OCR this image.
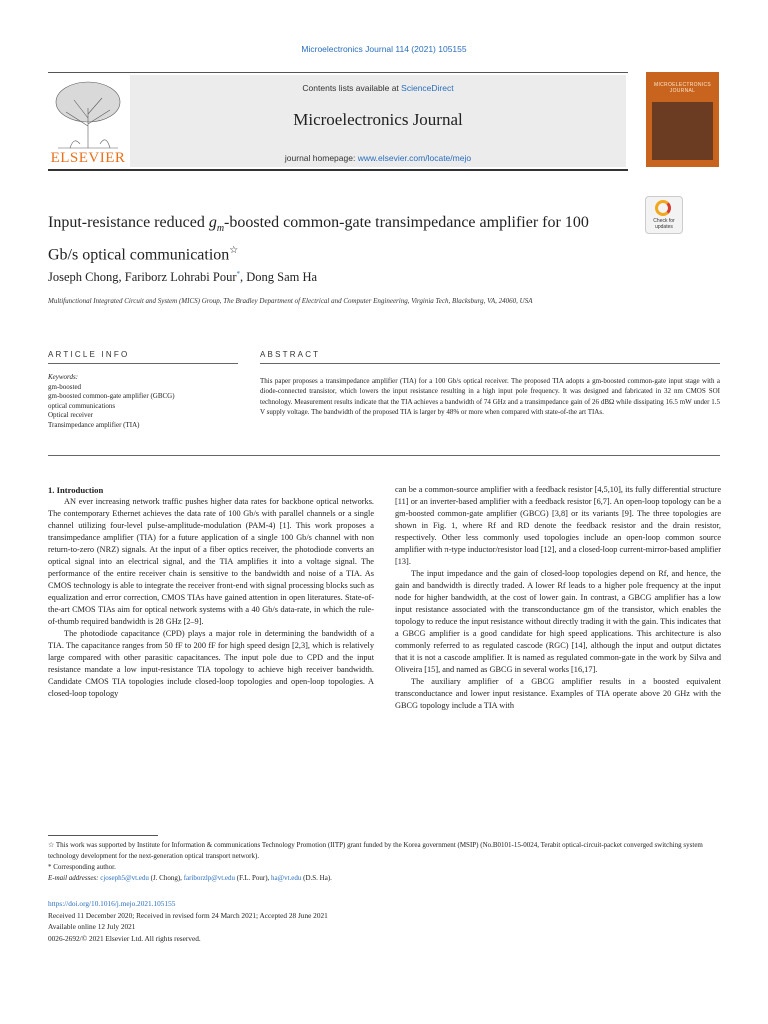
Microelectronics Journal 114 (2021) 105155
ELSEVIER
Contents lists available at ScienceDirect
Microelectronics Journal
journal homepage: www.elsevier.com/locate/mejo
MICROELECTRONICS JOURNAL
Input-resistance reduced $g_m$-boosted common-gate transimpedance amplifier for 100 Gb/s optical communication☆
Check for
updates
Joseph Chong, Fariborz Lohrabi Pour*, Dong Sam Ha
Multifunctional Integrated Circuit and System (MICS) Group, The Bradley Department of Electrical and Computer Engineering, Virginia Tech, Blacksburg, VA, 24060, USA
ARTICLE INFO	ABSTRACT
Keywords:
gm-boosted
gm-boosted common-gate amplifier (GBCG)
optical communications
Optical receiver
Transimpedance amplifier (TIA)
This paper proposes a transimpedance amplifier (TIA) for a 100 Gb/s optical receiver. The proposed TIA adopts a gm-boosted common-gate input stage with a diode-connected transistor, which lowers the input resistance resulting in a high input pole frequency. It was designed and fabricated in 32 nm CMOS SOI technology. Measurement results indicate that the TIA achieves a bandwidth of 74 GHz and a transimpedance gain of 26 dBΩ while dissipating 16.5 mW under 1.5 V supply voltage. The bandwidth of the proposed TIA is larger by 48% or more when compared with state-of-the art TIAs.

1. Introduction

AN ever increasing network traffic pushes higher data rates for backbone optical networks. The contemporary Ethernet achieves the data rate of 100 Gb/s with parallel channels or a single channel utilizing four-level pulse-amplitude-modulation (PAM-4) [1]. This work proposes a transimpedance amplifier (TIA) for a future application of a single 100 Gb/s channel with non return-to-zero (NRZ) signals. At the input of a fiber optics receiver, the photodiode converts an optical signal into an electrical signal, and the TIA amplifies it into a voltage signal. The performance of the entire receiver chain is sensitive to the bandwidth and noise of a TIA. As CMOS technology is able to integrate the receiver front-end with signal processing blocks such as equalization and error correction, CMOS TIAs have gained attention in open literatures. State-of-the-art CMOS TIAs aim for optical network systems with a 40 Gb/s data-rate, in which the rule-of-thumb required bandwidth is 28 GHz [2–9].

The photodiode capacitance (CPD) plays a major role in determining the bandwidth of a TIA. The capacitance ranges from 50 fF to 200 fF for high speed design [2,3], which is relatively large compared with other parasitic capacitances. The input pole due to CPD and the input resistance mandate a low input-resistance TIA topology to achieve high receiver bandwidth. Candidate CMOS TIA topologies include closed-loop topologies and open-loop topologies. A closed-loop topology

can be a common-source amplifier with a feedback resistor [4,5,10], its fully differential structure [11] or an inverter-based amplifier with a feedback resistor [6,7]. An open-loop topology can be a gm-boosted common-gate amplifier (GBCG) [3,8] or its variants [9]. The three topologies are shown in Fig. 1, where Rf and RD denote the feedback resistor and the drain resistor, respectively. Other less commonly used topologies include an open-loop common source amplifier with π-type inductor/resistor load [12], and a closed-loop current-mirror-based amplifier [13].

The input impedance and the gain of closed-loop topologies depend on Rf, and hence, the gain and bandwidth is directly traded. A lower Rf leads to a higher pole frequency at the input node for higher bandwidth, at the cost of lower gain. In contrast, a GBCG amplifier has a low input resistance associated with the transconductance gm of the transistor, which enables the topology to reduce the input resistance without directly trading it with the gain. This indicates that a GBCG amplifier is a good candidate for high speed applications. This architecture is also commonly referred to as regulated cascode (RGC) [14], although the input and output dictates that it is not a cascode amplifier. It is named as regulated common-gate in the work by Silva and Oliveira [15], and named as GBCG in several works [16,17].

The auxiliary amplifier of a GBCG amplifier results in a boosted equivalent transconductance and lower input resistance. Examples of TIA operate above 20 GHz with the GBCG topology include a TIA with

☆ This work was supported by Institute for Information & communications Technology Promotion (IITP) grant funded by the Korea government (MSIP) (No.B0101-15-0024, Terabit optical-circuit-packet converged switching system technology development for the next-generation optical transport network).
* Corresponding author.
E-mail addresses: cjoseph5@vt.edu (J. Chong), fariborzlp@vt.edu (F.L. Pour), ha@vt.edu (D.S. Ha).
https://doi.org/10.1016/j.mejo.2021.105155
Received 11 December 2020; Received in revised form 24 March 2021; Accepted 28 June 2021
Available online 12 July 2021
0026-2692/© 2021 Elsevier Ltd. All rights reserved.
